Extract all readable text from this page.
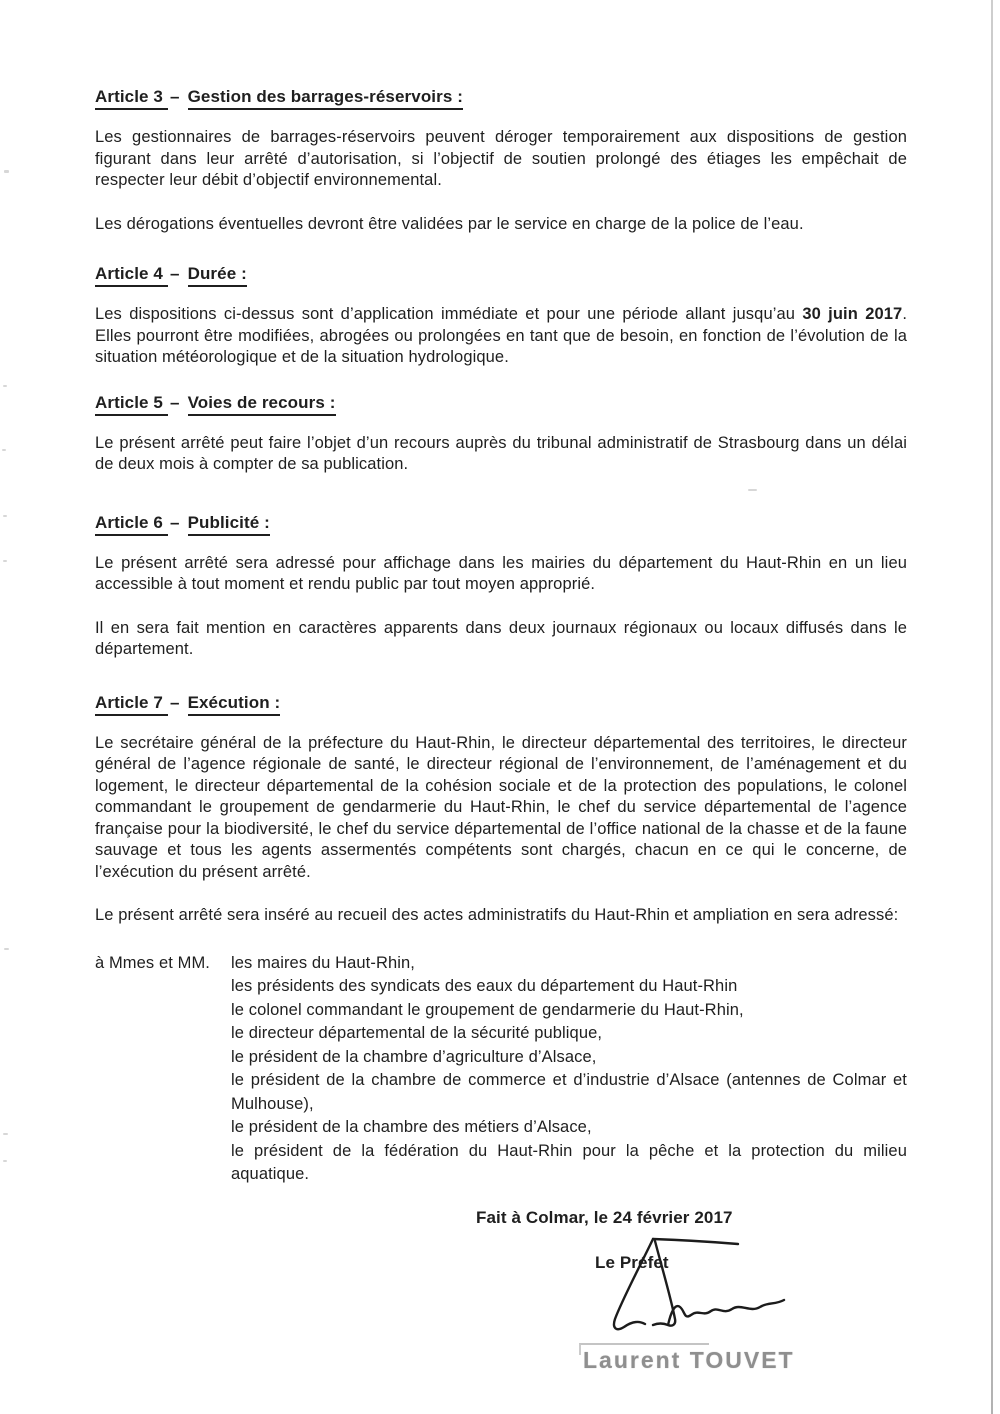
Article 3 – Gestion des barrages-réservoirs :

Les gestionnaires de barrages-réservoirs peuvent déroger temporairement aux dispositions de gestion figurant dans leur arrêté d’autorisation, si l’objectif de soutien prolongé des étiages les empêchait de respecter leur débit d’objectif environnemental.

Les dérogations éventuelles devront être validées par le service en charge de la police de l’eau.

Article 4 – Durée :

Les dispositions ci-dessus sont d’application immédiate et pour une période allant jusqu’au 30 juin 2017. Elles pourront être modifiées, abrogées ou prolongées en tant que de besoin, en fonction de l’évolution de la situation météorologique et de la situation hydrologique.

Article 5 – Voies de recours :

Le présent arrêté peut faire l’objet d’un recours auprès du tribunal administratif de Strasbourg dans un délai de deux mois à compter de sa publication.

Article 6 – Publicité :

Le présent arrêté sera adressé pour affichage dans les mairies du département du Haut-Rhin en un lieu accessible à tout moment et rendu public par tout moyen approprié.

Il en sera fait mention en caractères apparents dans deux journaux régionaux ou locaux diffusés dans le département.

Article 7 – Exécution :

Le secrétaire général de la préfecture du Haut-Rhin, le directeur départemental des territoires, le directeur général de l’agence régionale de santé, le directeur régional de l’environnement, de l’aménagement et du logement, le directeur départemental de la cohésion sociale et de la protection des populations, le colonel commandant le groupement de gendarmerie du Haut-Rhin, le chef du service départemental de l’agence française pour la biodiversité, le chef du service départemental de l’office national de la chasse et de la faune sauvage et tous les agents assermentés compétents sont chargés, chacun en ce qui le concerne, de l’exécution du présent arrêté.

Le présent arrêté sera inséré au recueil des actes administratifs du Haut-Rhin et ampliation en sera adressé:

à Mmes et MM.	les maires du Haut-Rhin,
les présidents des syndicats des eaux du département du Haut-Rhin
le colonel commandant le groupement de gendarmerie du Haut-Rhin,
le directeur départemental de la sécurité publique,
le président de la chambre d’agriculture d’Alsace,
le président de la chambre de commerce et d’industrie d’Alsace (antennes de Colmar et Mulhouse),
le président de la chambre des métiers d’Alsace,
le président de la fédération du Haut-Rhin pour la pêche et la protection du milieu aquatique.
Fait à Colmar, le 24 février 2017
Le Préfet
Laurent TOUVET
